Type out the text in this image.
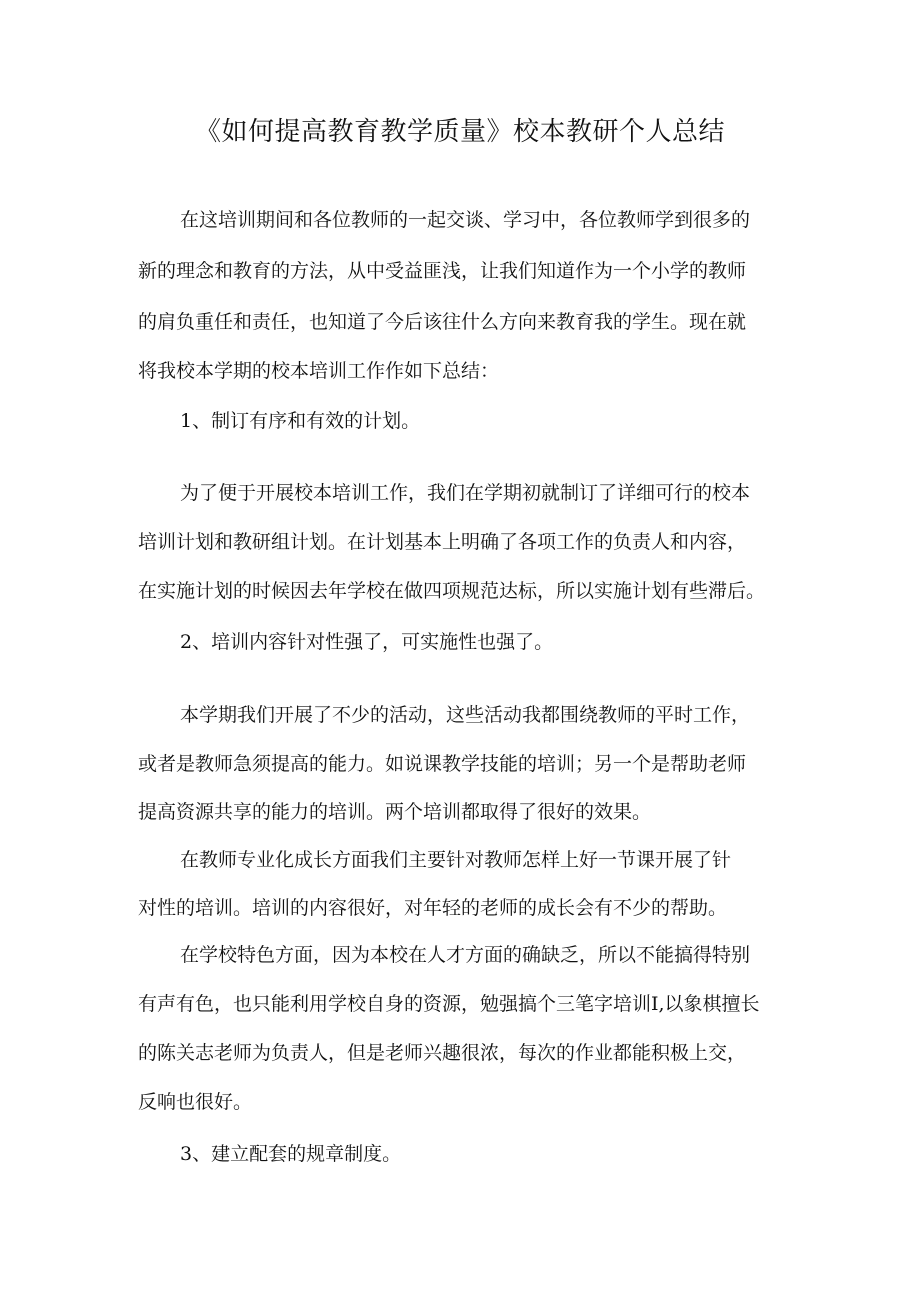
《如何提高教育教学质量》校本教研个人总结
在这培训期间和各位教师的一起交谈、学习中，各位教师学到很多的
新的理念和教育的方法，从中受益匪浅，让我们知道作为一个小学的教师
的肩负重任和责任，也知道了今后该往什么方向来教育我的学生。现在就
将我校本学期的校本培训工作作如下总结：
1、制订有序和有效的计划。
为了便于开展校本培训工作，我们在学期初就制订了详细可行的校本
培训计划和教研组计划。在计划基本上明确了各项工作的负责人和内容，
在实施计划的时候因去年学校在做四项规范达标，所以实施计划有些滞后。
2、培训内容针对性强了，可实施性也强了。
本学期我们开展了不少的活动，这些活动我都围绕教师的平时工作，
或者是教师急须提高的能力。如说课教学技能的培训；另一个是帮助老师
提高资源共享的能力的培训。两个培训都取得了很好的效果。
在教师专业化成长方面我们主要针对教师怎样上好一节课开展了针
对性的培训。培训的内容很好，对年轻的老师的成长会有不少的帮助。
在学校特色方面，因为本校在人才方面的确缺乏，所以不能搞得特别
有声有色，也只能利用学校自身的资源，勉强搞个三笔字培训I,以象棋擅长
的陈关志老师为负责人，但是老师兴趣很浓，每次的作业都能积极上交，
反响也很好。
3、建立配套的规章制度。
